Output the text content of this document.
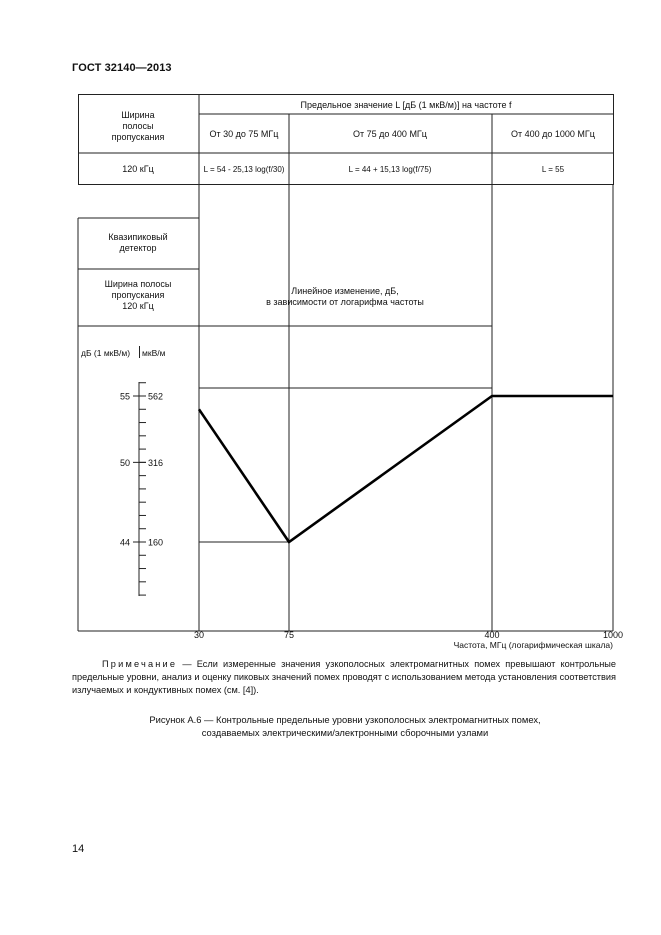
ГОСТ 32140—2013
Ширина
полосы
пропускания
Предельное значение L [дБ (1 мкВ/м)] на частоте f
От 30 до 75 МГц	От 75 до 400 МГц	От 400 до 1000 МГц
120 кГц	L = 54 - 25,13 log(f/30)	L = 44 + 15,13 log(f/75)	L = 55
Квазипиковый
детектор
Ширина полосы
пропускания
120 кГц
Линейное изменение, дБ,
в зависимости от логарифма частоты
дБ (1 мкВ/м) мкВ/м
55 562
50 316
44 160
30	75	400	1000
Частота, МГц (логарифмическая шкала)
Примечание — Если измеренные значения узкополосных электромагнитных помех превышают контрольные предельные уровни, анализ и оценку пиковых значений помех проводят с использованием метода установления соответствия излучаемых и кондуктивных помех (см. [4]).
Рисунок А.6 — Контрольные предельные уровни узкополосных электромагнитных помех,
создаваемых электрическими/электронными сборочными узлами
14
